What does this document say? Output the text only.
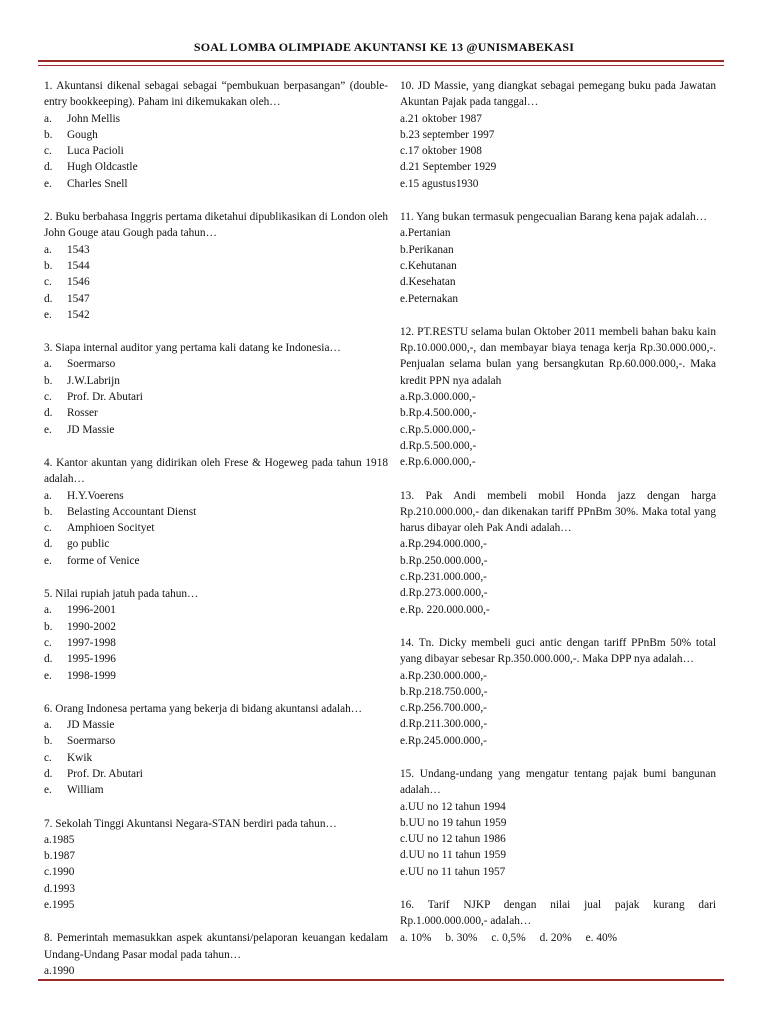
SOAL LOMBA OLIMPIADE AKUNTANSI KE 13 @UNISMABEKASI
1. Akuntansi dikenal sebagai sebagai “pembukuan berpasangan” (double-entry bookkeeping). Paham ini dikemukakan oleh…
a.	John Mellis
b.	Gough
c.	Luca Pacioli
d.	Hugh Oldcastle
e.	Charles Snell
2. Buku berbahasa Inggris pertama diketahui dipublikasikan di London oleh John Gouge atau Gough pada tahun…
a.	1543
b.	1544
c.	1546
d.	1547
e.	1542
3. Siapa internal auditor yang pertama kali datang ke Indonesia…
a.	Soermarso
b.	J.W.Labrijn
c.	Prof. Dr. Abutari
d.	Rosser
e.	JD Massie
4. Kantor akuntan yang didirikan oleh Frese & Hogeweg pada tahun 1918 adalah…
a.	H.Y.Voerens
b.	Belasting Accountant Dienst
c.	Amphioen Socityet
d.	go public
e.	forme of Venice
5. Nilai rupiah jatuh pada tahun…
a.	1996-2001
b.	1990-2002
c.	1997-1998
d.	1995-1996
e.	1998-1999
6. Orang Indonesa pertama yang bekerja di bidang akuntansi adalah…
a.	JD Massie
b.	Soermarso
c.	Kwik
d.	Prof. Dr. Abutari
e.	William
7. Sekolah Tinggi Akuntansi Negara-STAN berdiri pada tahun…
a. 1985
b. 1987
c. 1990
d. 1993
e. 1995
8. Pemerintah memasukkan aspek akuntansi/pelaporan keuangan kedalam Undang-Undang Pasar modal pada tahun…
a. 1990
10. JD Massie, yang diangkat sebagai pemegang buku pada Jawatan Akuntan Pajak pada tanggal…
a. 21 oktober 1987
b. 23 september 1997
c. 17 oktober 1908
d. 21 September 1929
e. 15 agustus1930
11. Yang bukan termasuk pengecualian Barang kena pajak adalah…
a. Pertanian
b. Perikanan
c. Kehutanan
d. Kesehatan
e. Peternakan
12. PT.RESTU selama bulan Oktober 2011 membeli bahan baku kain Rp.10.000.000,-, dan membayar biaya tenaga kerja Rp.30.000.000,-. Penjualan selama bulan yang bersangkutan Rp.60.000.000,-. Maka kredit PPN nya adalah
a. Rp.3.000.000,-
b. Rp.4.500.000,-
c. Rp.5.000.000,-
d. Rp.5.500.000,-
e. Rp.6.000.000,-
13. Pak Andi membeli mobil Honda jazz dengan harga Rp.210.000.000,- dan dikenakan tariff PPnBm 30%. Maka total yang harus dibayar oleh Pak Andi adalah…
a. Rp.294.000.000,-
b. Rp.250.000.000,-
c. Rp.231.000.000,-
d. Rp.273.000.000,-
e. Rp. 220.000.000,-
14. Tn. Dicky membeli guci antic dengan tariff PPnBm 50% total yang dibayar sebesar Rp.350.000.000,-. Maka DPP nya adalah…
a. Rp.230.000.000,-
b. Rp.218.750.000,-
c. Rp.256.700.000,-
d. Rp.211.300.000,-
e. Rp.245.000.000,-
15. Undang-undang yang mengatur tentang pajak bumi bangunan adalah…
a. UU no 12 tahun 1994
b. UU no 19 tahun 1959
c. UU no 12 tahun 1986
d. UU no 11 tahun 1959
e. UU no 11 tahun 1957
16. Tarif NJKP dengan nilai jual pajak kurang dari Rp.1.000.000.000,- adalah…
a. 10% b. 30% c. 0,5% d. 20% e. 40%
